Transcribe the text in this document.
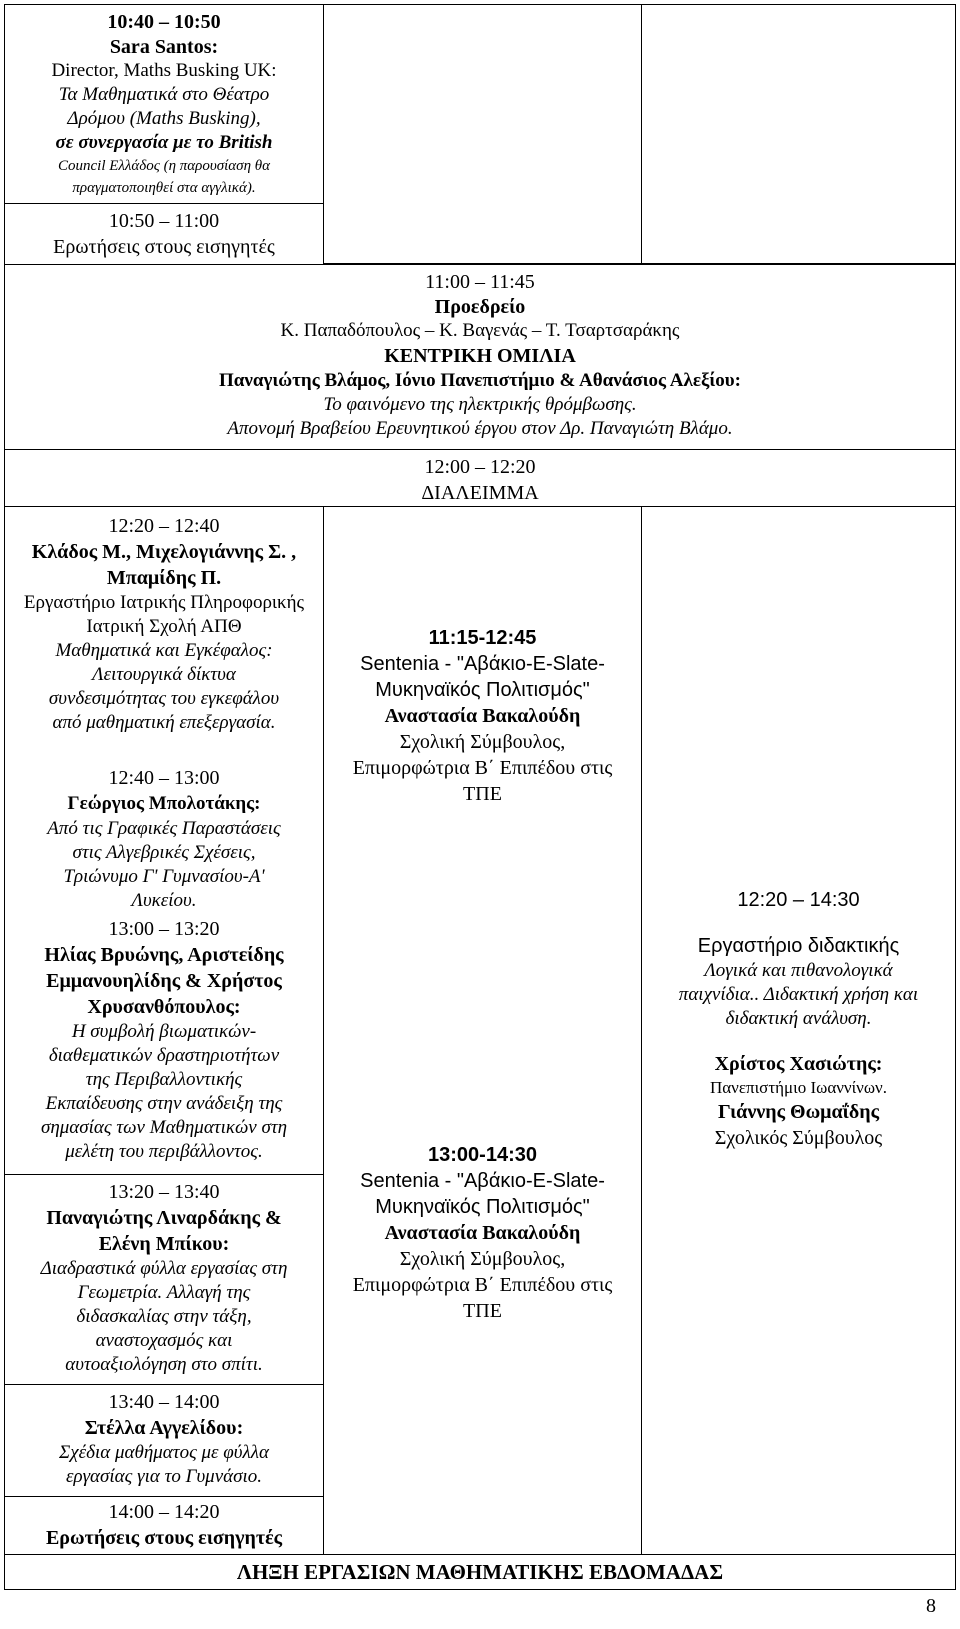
10:40 – 10:50
Sara Santos:
Director, Maths Busking UK:
Τα Μαθηματικά στο Θέατρο
Δρόμου (Maths Busking),
σε συνεργασία με το British
Council Ελλάδος (η παρουσίαση θα
πραγματοποιηθεί στα αγγλικά).
10:50 – 11:00
Ερωτήσεις στους εισηγητές
11:00 – 11:45
Προεδρείο
Κ. Παπαδόπουλος – Κ. Βαγενάς – Τ. Τσαρτσαράκης
ΚΕΝΤΡΙΚΗ ΟΜΙΛΙΑ
Παναγιώτης Βλάμος, Ιόνιο Πανεπιστήμιο & Αθανάσιος Αλεξίου:
Το φαινόμενο της ηλεκτρικής θρόμβωσης.
Απονομή Βραβείου Ερευνητικού έργου στον Δρ. Παναγιώτη Βλάμο.
12:00 – 12:20
ΔΙΑΛΕΙΜΜΑ
12:20 – 12:40
Κλάδος Μ., Μιχελογιάννης Σ. ,
Μπαμίδης Π.
Εργαστήριο Ιατρικής Πληροφορικής
Ιατρική Σχολή ΑΠΘ
Μαθηματικά και Εγκέφαλος:
Λειτουργικά δίκτυα
συνδεσιμότητας του εγκεφάλου
από μαθηματική επεξεργασία.
12:40 – 13:00
Γεώργιος Μπολοτάκης:
Από τις Γραφικές Παραστάσεις
στις Αλγεβρικές Σχέσεις,
Τριώνυμο Γ' Γυμνασίου-Α'
Λυκείου.
13:00 – 13:20
Ηλίας Βρυώνης, Αριστείδης
Εμμανουηλίδης & Χρήστος
Χρυσανθόπουλος:
Η συμβολή βιωματικών-
διαθεματικών δραστηριοτήτων
της Περιβαλλοντικής
Εκπαίδευσης στην ανάδειξη της
σημασίας των Μαθηματικών στη
μελέτη του περιβάλλοντος.
13:20 – 13:40
Παναγιώτης Λιναρδάκης &
Ελένη Μπίκου:
Διαδραστικά φύλλα εργασίας στη
Γεωμετρία. Αλλαγή της
διδασκαλίας στην τάξη,
αναστοχασμός και
αυτοαξιολόγηση στο σπίτι.
13:40 – 14:00
Στέλλα Αγγελίδου:
Σχέδια μαθήματος με φύλλα
εργασίας για το Γυμνάσιο.
14:00 – 14:20
Ερωτήσεις στους εισηγητές
11:15-12:45
Sentenia - "Αβάκιο-E-Slate-
Μυκηναϊκός Πολιτισμός"
Αναστασία Βακαλούδη
Σχολική Σύμβουλος,
Επιμορφώτρια Β΄ Επιπέδου στις
ΤΠΕ
13:00-14:30
Sentenia - "Αβάκιο-E-Slate-
Μυκηναϊκός Πολιτισμός"
Αναστασία Βακαλούδη
Σχολική Σύμβουλος,
Επιμορφώτρια Β΄ Επιπέδου στις
ΤΠΕ
12:20 – 14:30
Εργαστήριο διδακτικής
Λογικά και πιθανολογικά
παιχνίδια.. Διδακτική χρήση και
διδακτική ανάλυση.
Χρίστος Χασιώτης:
Πανεπιστήμιο Ιωαννίνων.
Γιάννης Θωμαΐδης
Σχολικός Σύμβουλος
ΛΗΞΗ ΕΡΓΑΣΙΩΝ ΜΑΘΗΜΑΤΙΚΗΣ ΕΒΔΟΜΑΔΑΣ
8
